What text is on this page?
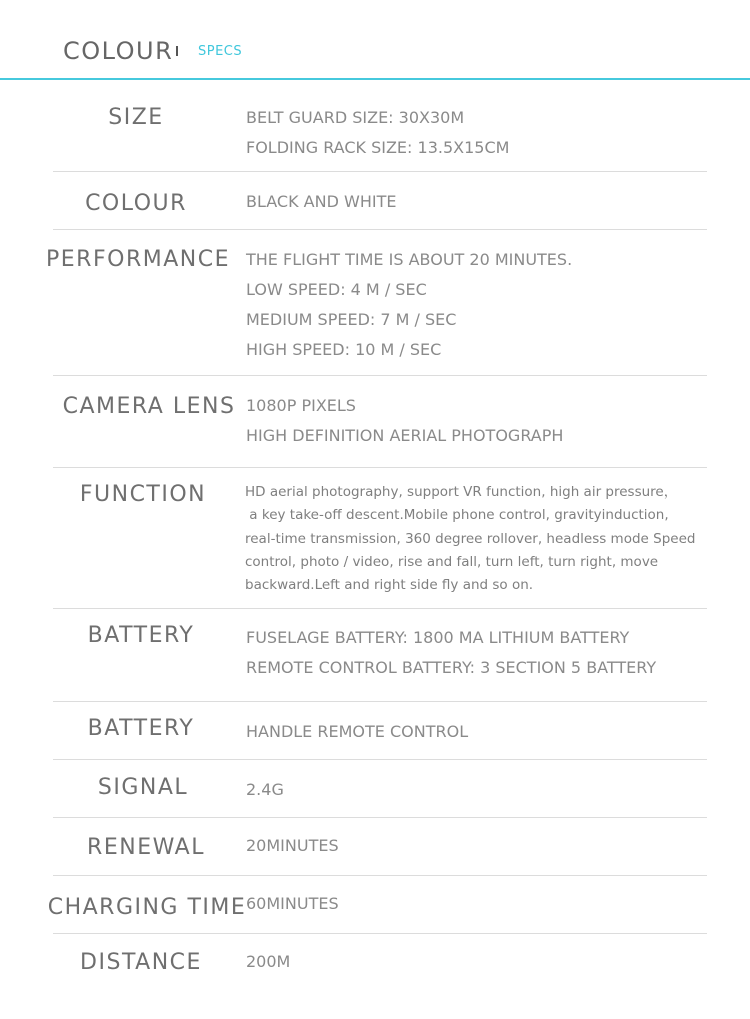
COLOUR SPECS
SIZE	BELT GUARD SIZE: 30X30M
FOLDING RACK SIZE: 13.5X15CM
COLOUR	BLACK AND WHITE
PERFORMANCE	THE FLIGHT TIME IS ABOUT 20 MINUTES.
LOW SPEED: 4 M / SEC
MEDIUM SPEED: 7 M / SEC
HIGH SPEED: 10 M / SEC
CAMERA LENS 1080P PIXELS
HIGH DEFINITION AERIAL PHOTOGRAPH
FUNCTION	HD aerial photography, support VR function, high air pressure，
a key take-off descent.Mobile phone control, gravityinduction,
real-time transmission, 360 degree rollover, headless mode Speed
control, photo / video, rise and fall, turn left, turn right, move
backward.Left and right side fly and so on.
BATTERY	FUSELAGE BATTERY: 1800 MA LITHIUM BATTERY
REMOTE CONTROL BATTERY: 3 SECTION 5 BATTERY
BATTERY	HANDLE REMOTE CONTROL
SIGNAL	2.4G
RENEWAL	20MINUTES
CHARGING TIME 60MINUTES
DISTANCE	200M
